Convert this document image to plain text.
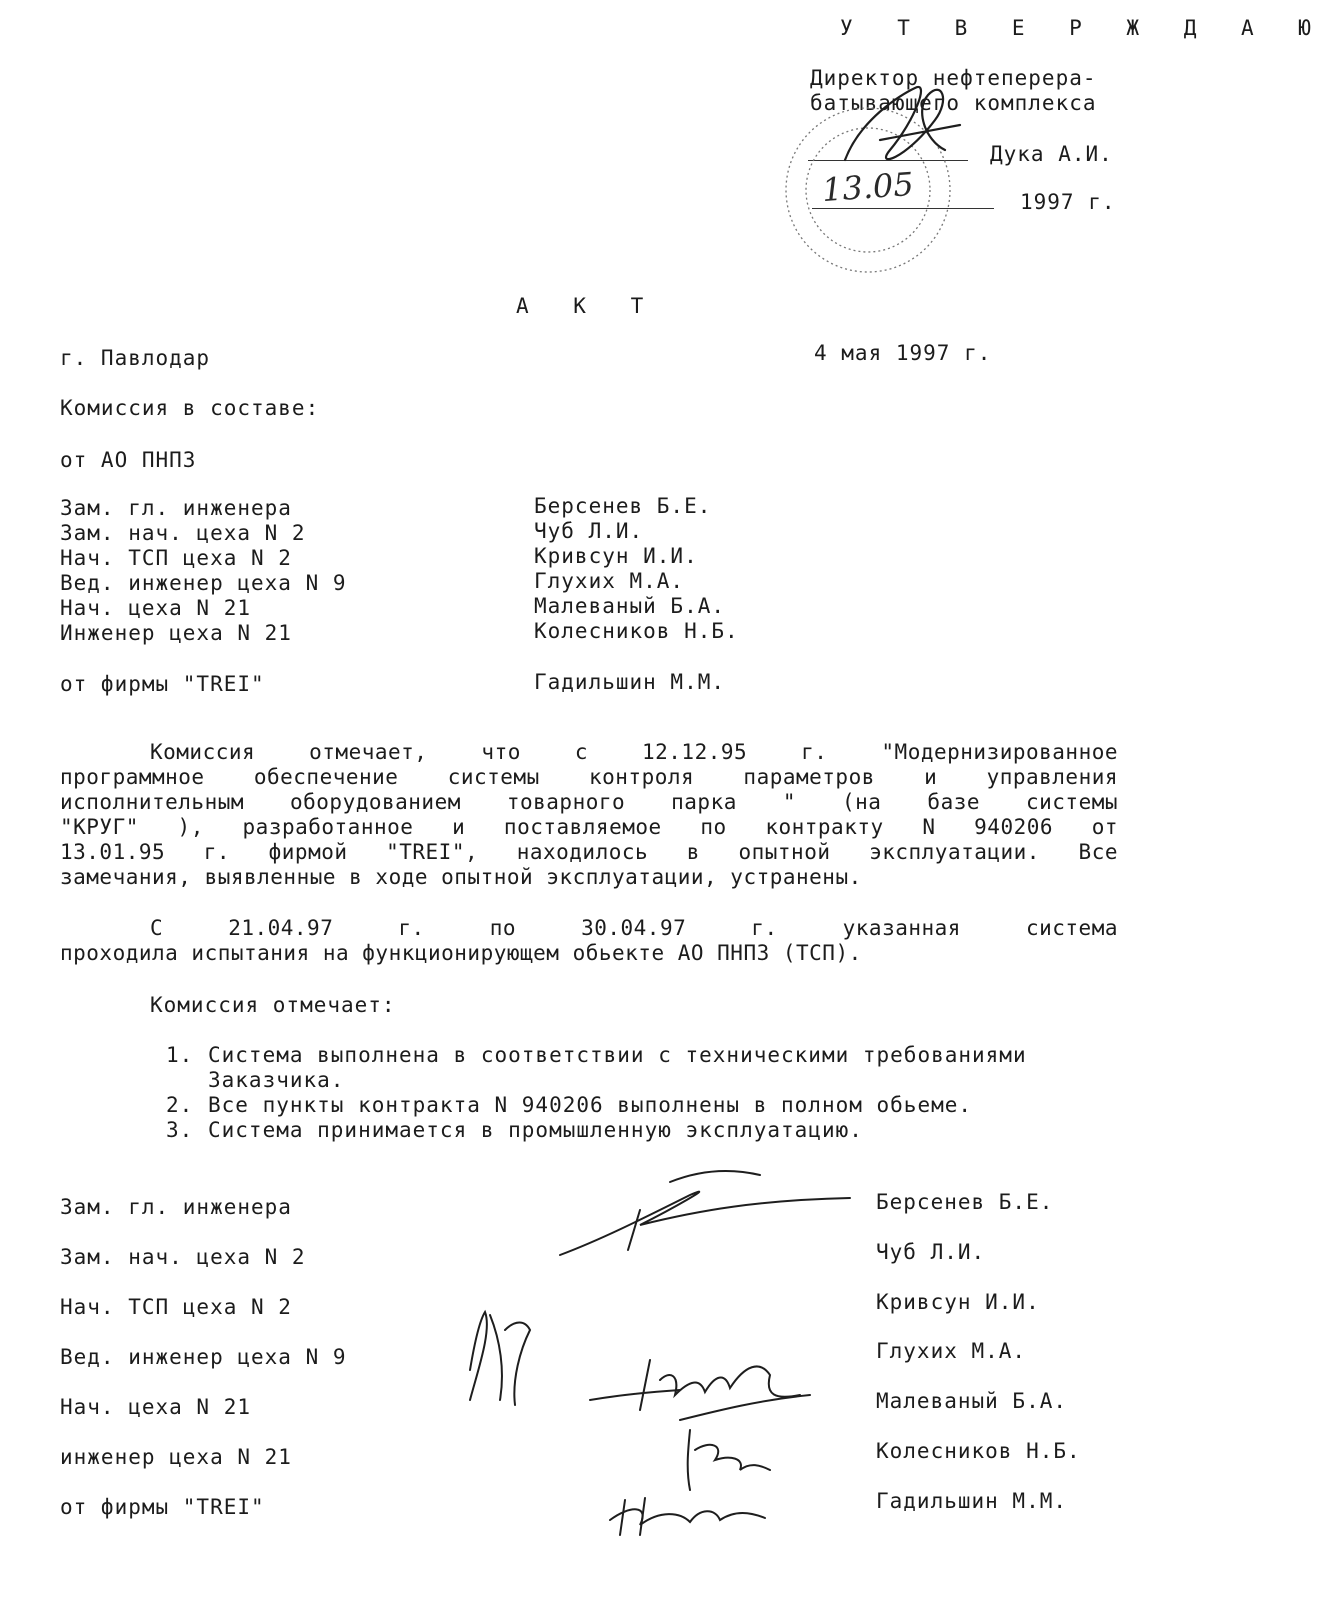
У Т В Е Р Ж Д А Ю
Директор нефтеперера-
батывающего комплекса
Дука А.И.
13.05	1997 г.
А К Т
г. Павлодар	4 мая 1997 г.
Комиссия в составе:
от АО ПНПЗ
Зам. гл. инженера	Берсенев Б.Е.
Зам. нач. цеха N 2	Чуб Л.И.
Нач. ТСП цеха N 2	Кривсун И.И.
Вед. инженер цеха N 9	Глухих М.А.
Нач. цеха N 21	Малеваный Б.А.
Инженер цеха N 21	Колесников Н.Б.
от фирмы "TREI"	Гадильшин М.М.
Комиссия отмечает, что с 12.12.95 г. "Модернизированное
программное обеспечение системы контроля параметров и управления
исполнительным оборудованием товарного парка " (на базе системы
"КРУГ" ), разработанное и поставляемое по контракту N 940206 от
13.01.95 г. фирмой "TREI", находилось в опытной эксплуатации. Все
замечания, выявленные в ходе опытной эксплуатации, устранены.
С 21.04.97 г. по 30.04.97 г. указанная система
проходила испытания на функционирующем обьекте АО ПНПЗ (ТСП).
Комиссия отмечает:
1. Система выполнена в соответствии с техническими требованиями
Заказчика.
2. Все пункты контракта N 940206 выполнены в полном обьеме.
3. Система принимается в промышленную эксплуатацию.
Зам. гл. инженера	Берсенев Б.Е.
Зам. нач. цеха N 2	Чуб Л.И.
Нач. ТСП цеха N 2	Кривсун И.И.
Вед. инженер цеха N 9	Глухих М.А.
Нач. цеха N 21	Малеваный Б.А.
инженер цеха N 21	Колесников Н.Б.
от фирмы "TREI"	Гадильшин М.М.
